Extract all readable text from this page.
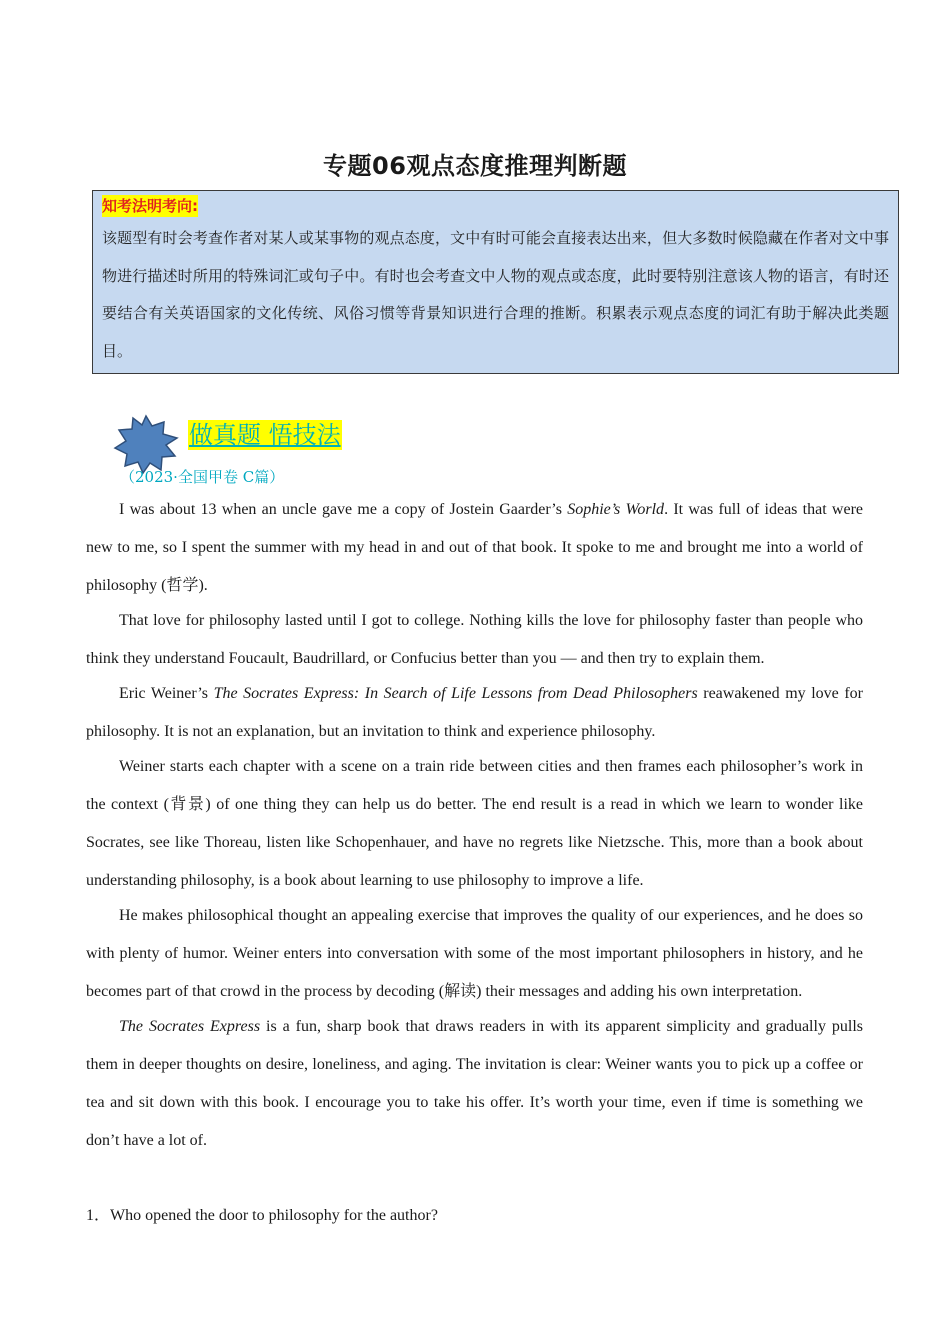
专题06观点态度推理判断题
知考法明考向:
该题型有时会考查作者对某人或某事物的观点态度，文中有时可能会直接表达出来，但大多数时候隐藏在作者对文中事物进行描述时所用的特殊词汇或句子中。有时也会考查文中人物的观点或态度，此时要特别注意该人物的语言，有时还要结合有关英语国家的文化传统、风俗习惯等背景知识进行合理的推断。积累表示观点态度的词汇有助于解决此类题目。
做真题 悟技法
（2023·全国甲卷 C篇）

I was about 13 when an uncle gave me a copy of Jostein Gaarder’s Sophie’s World. It was full of ideas that were new to me, so I spent the summer with my head in and out of that book. It spoke to me and brought me into a world of philosophy (哲学).

That love for philosophy lasted until I got to college. Nothing kills the love for philosophy faster than people who think they understand Foucault, Baudrillard, or Confucius better than you — and then try to explain them.

Eric Weiner’s The Socrates Express: In Search of Life Lessons from Dead Philosophers reawakened my love for philosophy. It is not an explanation, but an invitation to think and experience philosophy.

Weiner starts each chapter with a scene on a train ride between cities and then frames each philosopher’s work in the context (背景) of one thing they can help us do better. The end result is a read in which we learn to wonder like Socrates, see like Thoreau, listen like Schopenhauer, and have no regrets like Nietzsche. This, more than a book about understanding philosophy, is a book about learning to use philosophy to improve a life.

He makes philosophical thought an appealing exercise that improves the quality of our experiences, and he does so with plenty of humor. Weiner enters into conversation with some of the most important philosophers in history, and he becomes part of that crowd in the process by decoding (解读) their messages and adding his own interpretation.

The Socrates Express is a fun, sharp book that draws readers in with its apparent simplicity and gradually pulls them in deeper thoughts on desire, loneliness, and aging. The invitation is clear: Weiner wants you to pick up a coffee or tea and sit down with this book. I encourage you to take his offer. It’s worth your time, even if time is something we don’t have a lot of.

1．Who opened the door to philosophy for the author?
